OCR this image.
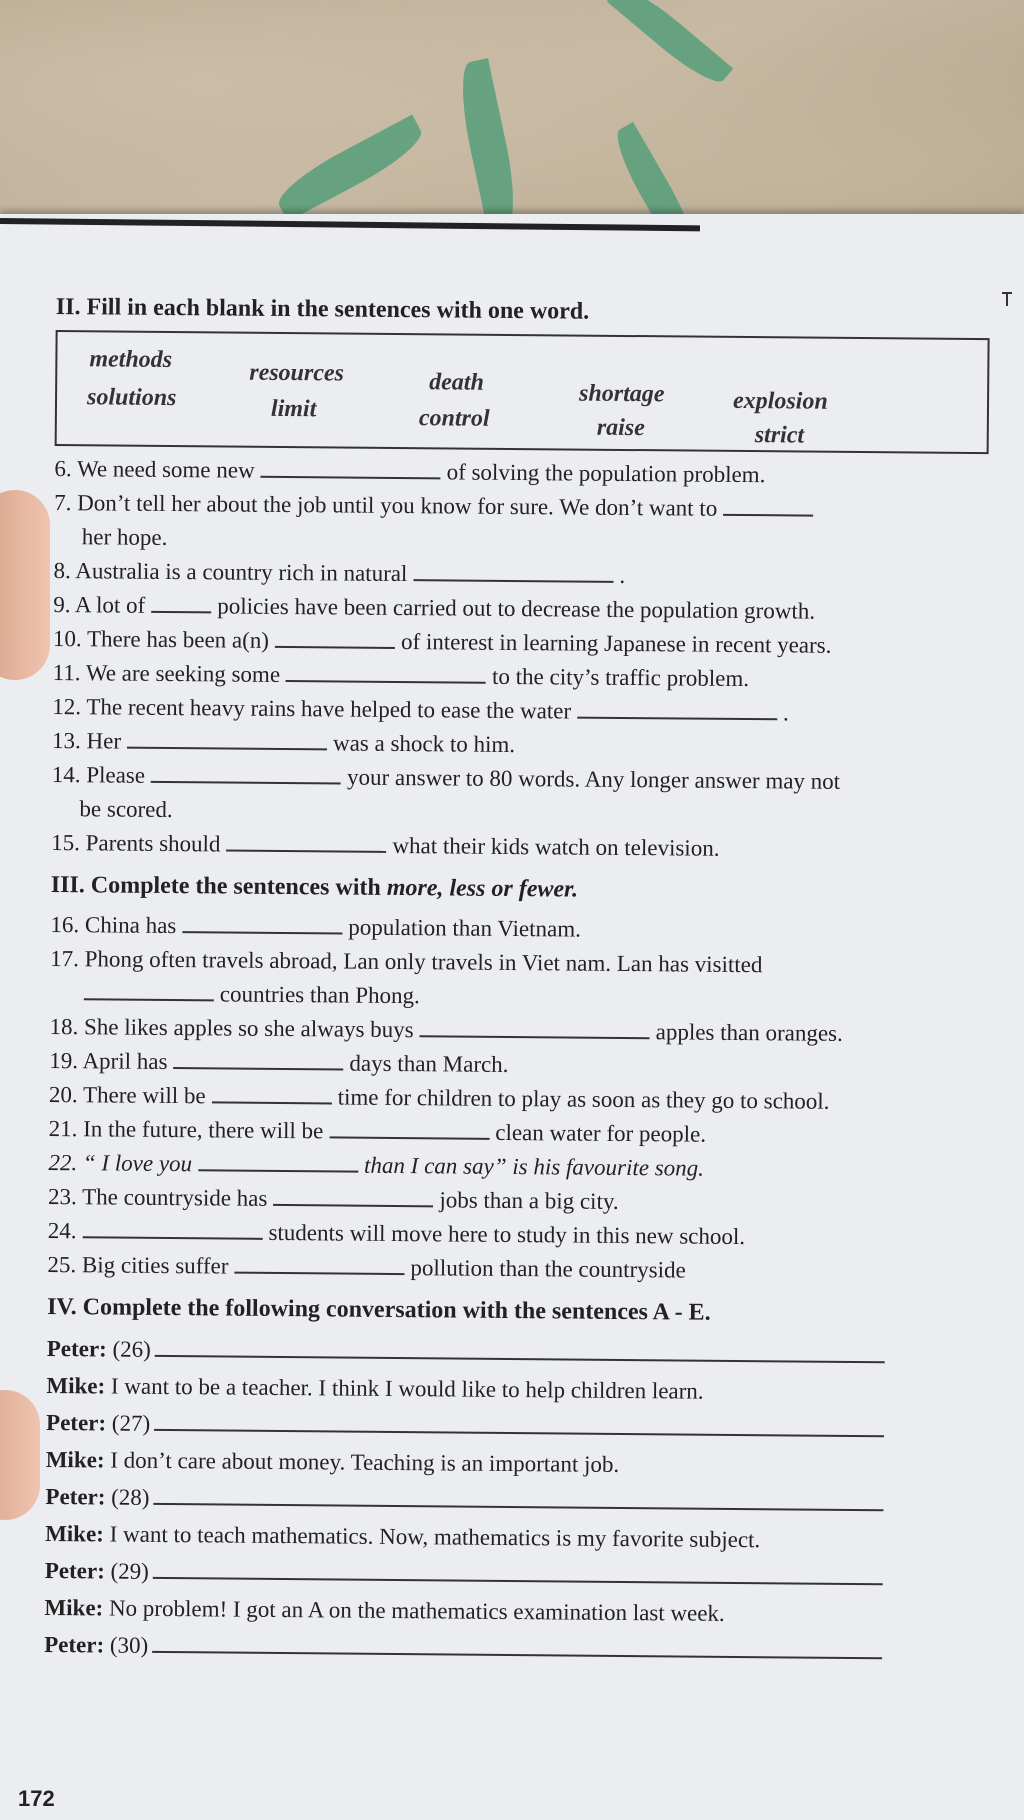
II. Fill in each blank in the sentences with one word.
methods
solutions
resources
limit
death
control
shortage
raise
explosion
strict
6. We need some new	of solving the population problem.
7. Don’t tell her about the job until you know for sure. We don’t want to
her hope.
8. Australia is a country rich in natural	.
9. A lot of	policies have been carried out to decrease the population growth.
10. There has been a(n)	of interest in learning Japanese in recent years.
11. We are seeking some	to the city’s traffic problem.
12. The recent heavy rains have helped to ease the water	.
13. Her	was a shock to him.
14. Please	your answer to 80 words. Any longer answer may not
be scored.
15. Parents should	what their kids watch on television.
III. Complete the sentences with more, less or fewer.
16. China has	population than Vietnam.
17. Phong often travels abroad, Lan only travels in Viet nam. Lan has visitted
countries than Phong.
18. She likes apples so she always buys	apples than oranges.
19. April has	days than March.
20. There will be	time for children to play as soon as they go to school.
21. In the future, there will be	clean water for people.
22. “ I love you	than I can say” is his favourite song.
23. The countryside has	jobs than a big city.
24.	students will move here to study in this new school.
25. Big cities suffer	pollution than the countryside
IV. Complete the following conversation with the sentences A - E.
Peter: (26)
Mike: I want to be a teacher. I think I would like to help children learn.
Peter: (27)
Mike: I don’t care about money. Teaching is an important job.
Peter: (28)
Mike: I want to teach mathematics. Now, mathematics is my favorite subject.
Peter: (29)
Mike: No problem! I got an A on the mathematics examination last week.
Peter: (30)
172
